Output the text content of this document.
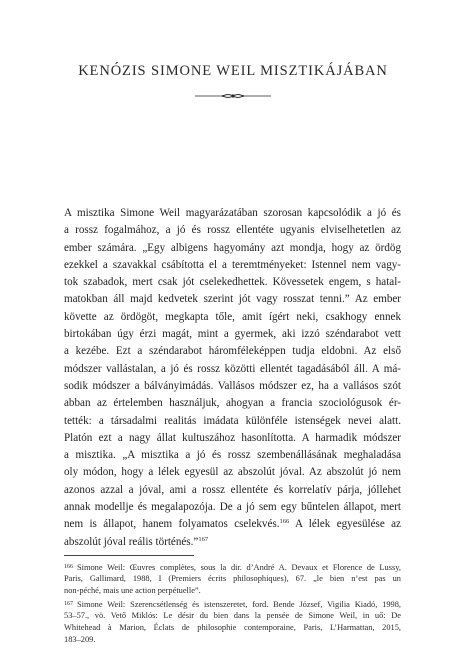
KENÓZIS SIMONE WEIL MISZTIKÁJÁBAN
A misztika Simone Weil magyarázatában szorosan kapcsolódik a jó és
a rossz fogalmához, a jó és rossz ellentéte ugyanis elviselhetetlen az
ember számára. „Egy albigens hagyomány azt mondja, hogy az ördög
ezekkel a szavakkal csábította el a teremtményeket: Istennel nem vagy-
tok szabadok, mert csak jót cselekedhettek. Kövessetek engem, s hatal-
matokban áll majd kedvetek szerint jót vagy rosszat tenni.” Az ember
követte az ördögöt, megkapta tőle, amit ígért neki, csakhogy ennek
birtokában úgy érzi magát, mint a gyermek, aki izzó széndarabot vett
a kezébe. Ezt a széndarabot háromféleképpen tudja eldobni. Az első
módszer vallástalan, a jó és rossz közötti ellentét tagadásából áll. A má-
sodik módszer a bálványimádás. Vallásos módszer ez, ha a vallásos szót
abban az értelemben használjuk, ahogyan a francia szociológusok ér-
tették: a társadalmi realitás imádata különféle istenségek nevei alatt.
Platón ezt a nagy állat kultuszához hasonlította. A harmadik módszer
a misztika. „A misztika a jó és rossz szembenállásának meghaladása
oly módon, hogy a lélek egyesül az abszolút jóval. Az abszolút jó nem
azonos azzal a jóval, ami a rossz ellentéte és korrelatív párja, jóllehet
annak modellje és megalapozója. De a jó sem egy bűntelen állapot, mert
nem is állapot, hanem folyamatos cselekvés.$^{166}$ A lélek egyesülése az
abszolút jóval reális történés.”$^{167}$
$^{166}$ Simone Weil: Œuvres complètes, sous la dir. d’André A. Devaux et Florence de Lussy,
Paris, Gallimard, 1988, I (Premiers écrits philosophiques), 67. „le bien n’est pas un
non-péché, mais une action perpétuelle”.
$^{167}$ Simone Weil: Szerencsétlenség és istenszeretet, ford. Bende József, Vigilia Kiadó, 1998,
53–57., vö. Vető Miklós: Le désir du bien dans la pensée de Simone Weil, in uő: De
Whitehead à Marion, Éclats de philosophie contemporaine, Paris, L’Harmattan, 2015,
183–209.
